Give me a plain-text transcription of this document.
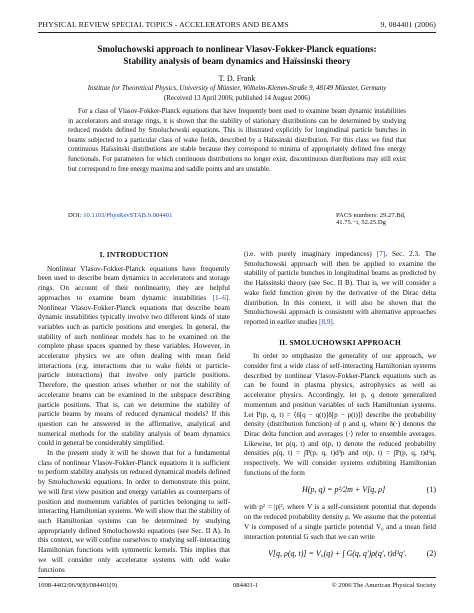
PHYSICAL REVIEW SPECIAL TOPICS - ACCELERATORS AND BEAMS	9, 084401 (2006)
Smoluchowski approach to nonlinear Vlasov-Fokker-Planck equations:
Stability analysis of beam dynamics and Haïssinski theory
T. D. Frank
Institute for Theoretical Physics, University of Münster, Wilhelm-Klemm-Straße 9, 48149 Münster, Germany
(Received 13 April 2006; published 14 August 2006)
For a class of Vlasov-Fokker-Planck equations that have frequently been used to examine beam dynamic instabilities in accelerators and storage rings, it is shown that the stability of stationary distributions can be determined by studying reduced models defined by Smoluchowski equations. This is illustrated explicitly for longitudinal particle bunches in beams subjected to a particular class of wake fields, described by a Haïssinski distribution. For this class we find that continuous Haïssinski distributions are stable because they correspond to minima of appropriately defined free energy functionals. For parameters for which continuous distributions no longer exist, discontinuous distributions may still exist but correspond to free energy maxima and saddle points and are unstable.
DOI: 10.1103/PhysRevSTAB.9.084401	PACS numbers: 29.27.Bd, 41.75.−i, 52.25.Dg
I. INTRODUCTION

Nonlinear Vlasov-Fokker-Planck equations have frequently been used to describe beam dynamics in accelerators and storage rings. On account of their nonlinearity, they are helpful approaches to examine beam dynamic instabilities [1–6]. Nonlinear Vlasov-Fokker-Planck equations that describe beam dynamic instabilities typically involve two different kinds of state variables such as particle positions and energies. In general, the stability of such nonlinear models has to be examined on the complete phase spaces spanned by these variables. However, in accelerator physics we are often dealing with mean field interactions (e.g. interactions due to wake fields or particle-particle interactions) that involve only particle positions. Therefore, the question arises whether or not the stability of accelerator beams can be examined in the subspace describing particle positions. That is, can we determine the stability of particle beams by means of reduced dynamical models? If this question can be answered in the affirmative, analytical and numerical methods for the stability analysis of beam dynamics could in general be considerably simplified.

In the present study it will be shown that for a fundamental class of nonlinear Vlasov-Fokker-Planck equations it is sufficient to perform stability analysis on reduced dynamical models defined by Smoluchowski equations. In order to demonstrate this point, we will first view position and energy variables as counterparts of position and momentum variables of particles belonging to self-interacting Hamiltonian systems. We will show that the stability of such Hamiltonian systems can be determined by studying appropriately defined Smoluchowski equations (see Sec. II A). In this context, we will confine ourselves to studying self-interacting Hamiltonian functions with symmetric kernels. This implies that we will consider only accelerator systems with odd wake functions

(i.e. with purely imaginary impedances) [7], Sec. 2.3. The Smoluchowski approach will then be applied to examine the stability of particle bunches in longitudinal beams as predicted by the Haïssinski theory (see Sec. II B). That is, we will consider a wake field function given by the derivative of the Dirac delta distribution. In this context, it will also be shown that the Smoluchowski approach is consistent with alternative approaches reported in earlier studies [8,9].

II. SMOLUCHOWSKI APPROACH

In order to emphasize the generality of our approach, we consider first a wide class of self-interacting Hamiltonian systems described by nonlinear Vlasov-Fokker-Planck equations such as can be found in plasma physics, astrophysics as well as accelerator physics. Accordingly, let p, q denote generalized momentum and position variables of such Hamiltonian systems. Let P(p, q, t) = ⟨δ[q − q(t)]δ[p − p(t)]⟩ describe the probability density (distribution function) of p and q, where δ(·) denotes the Dirac delta function and averages ⟨·⟩ refer to ensemble averages. Likewise, let ρ(q, t) and σ(p, t) denote the reduced probability densities ρ(q, t) = ∫P(p, q, t)d³p and σ(p, t) = ∫P(p, q, t)d³q, respectively. We will consider systems exhibiting Hamiltonian functions of the form

H(p, q) = p²/2m + V[q, ρ]	(1)

with p² = |p|², where V is a self-consistent potential that depends on the reduced probability density ρ. We assume that the potential V is composed of a single particle potential V₀ and a mean field interaction potential G such that we can write

V[q, ρ(q, t)] = V₀(q) + ∫ G(q, q′)ρ(q′, t)d³q′.	(2)
1098-4402/06/9(8)/084401(9)	084401-1	© 2006 The American Physical Society
